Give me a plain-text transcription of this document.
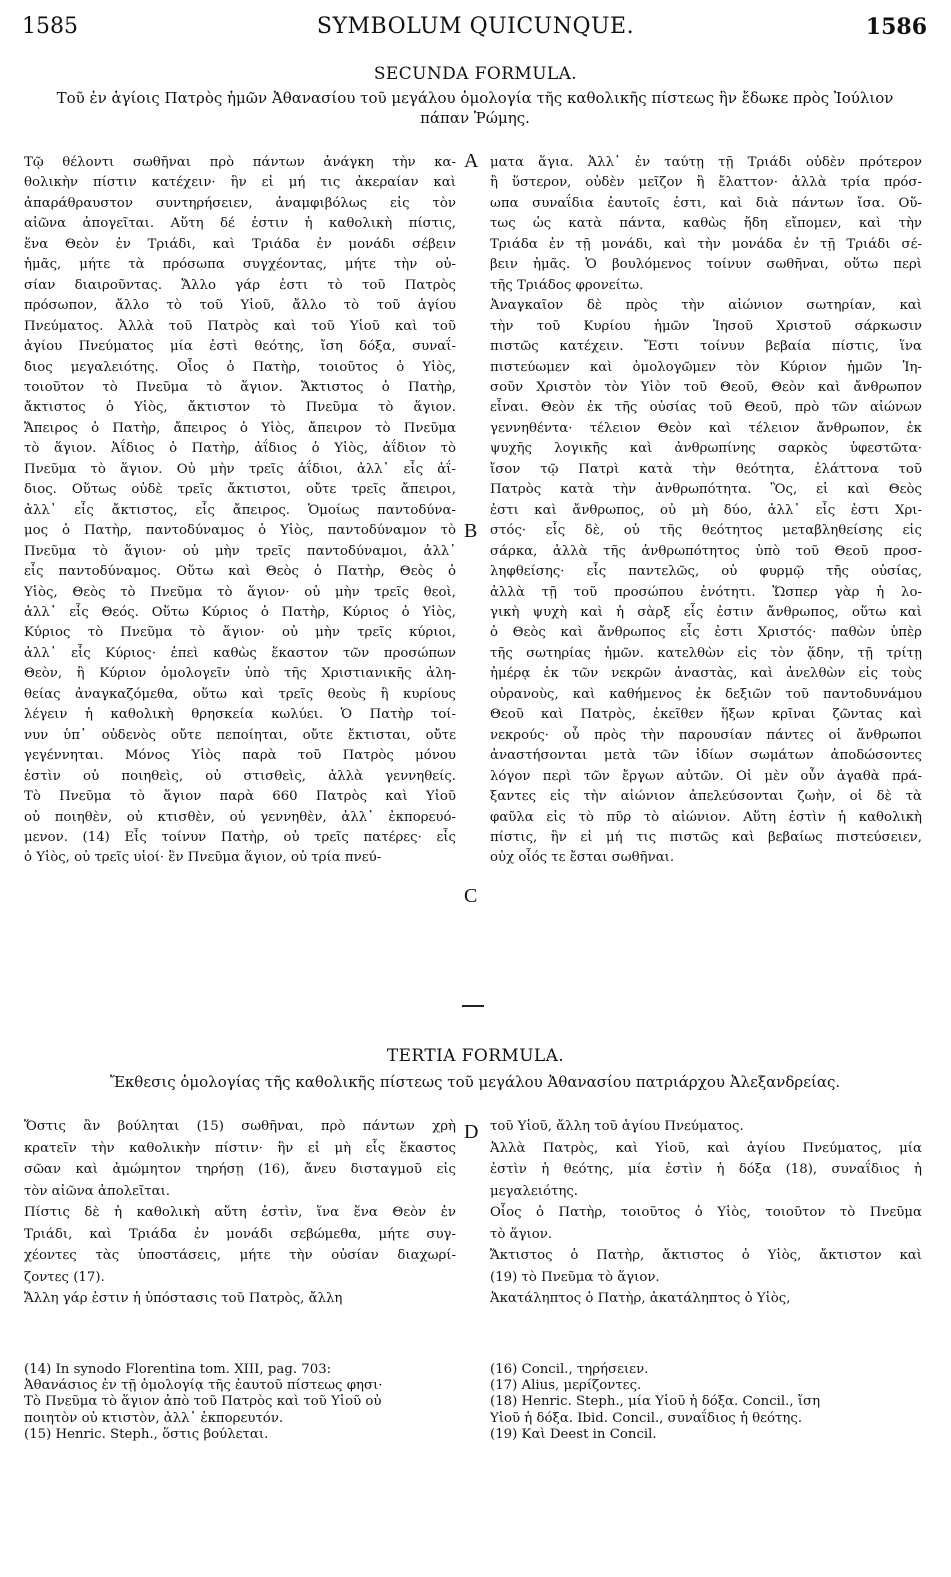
1585	SYMBOLUM QUICUNQUE.	1586
SECUNDA FORMULA.
Τοῦ ἐν ἁγίοις Πατρὸς ἡμῶν Ἀθανασίου τοῦ μεγάλου ὁμολογία τῆς καθολικῆς πίστεως ἣν ἔδωκε πρὸς Ἰούλιον
πάπαν Ῥώμης.
Τῷ θέλοντι σωθῆναι πρὸ πάντων ἀνάγκη τὴν κα-
θολικὴν πίστιν κατέχειν· ἣν εἰ μή τις ἀκεραίαν καὶ
ἀπαράθραυστον συντηρήσειεν, ἀναμφιβόλως εἰς τὸν
αἰῶνα ἀπογεῖται. Αὕτη δέ ἐστιν ἡ καθολικὴ πίστις,
ἕνα Θεὸν ἐν Τριάδι, καὶ Τριάδα ἐν μονάδι σέβειν
ἡμᾶς, μήτε τὰ πρόσωπα συγχέοντας, μήτε τὴν οὐ-
σίαν διαιροῦντας. Ἄλλο γάρ ἐστι τὸ τοῦ Πατρὸς
πρόσωπον, ἄλλο τὸ τοῦ Υἱοῦ, ἄλλο τὸ τοῦ ἁγίου
Πνεύματος. Ἀλλὰ τοῦ Πατρὸς καὶ τοῦ Υἱοῦ καὶ τοῦ
ἁγίου Πνεύματος μία ἐστὶ θεότης, ἴση δόξα, συναΐ-
διος μεγαλειότης. Οἷος ὁ Πατὴρ, τοιοῦτος ὁ Υἱὸς,
τοιοῦτον τὸ Πνεῦμα τὸ ἅγιον. Ἄκτιστος ὁ Πατὴρ,
ἄκτιστος ὁ Υἱὸς, ἄκτιστον τὸ Πνεῦμα τὸ ἅγιον.
Ἄπειρος ὁ Πατὴρ, ἄπειρος ὁ Υἱὸς, ἄπειρον τὸ Πνεῦμα
τὸ ἅγιον. Ἀΐδιος ὁ Πατὴρ, ἀΐδιος ὁ Υἱὸς, ἀΐδιον τὸ
Πνεῦμα τὸ ἅγιον. Οὐ μὴν τρεῖς ἀΐδιοι, ἀλλ᾽ εἷς ἀΐ-
διος. Οὕτως οὐδὲ τρεῖς ἄκτιστοι, οὔτε τρεῖς ἄπειροι,
ἀλλ᾽ εἷς ἄκτιστος, εἷς ἄπειρος. Ὁμοίως παντοδύνα-
μος ὁ Πατὴρ, παντοδύναμος ὁ Υἱὸς, παντοδύναμον τὸ
Πνεῦμα τὸ ἅγιον· οὐ μὴν τρεῖς παντοδύναμοι, ἀλλ᾽
εἷς παντοδύναμος. Οὕτω καὶ Θεὸς ὁ Πατὴρ, Θεὸς ὁ
Υἱὸς, Θεὸς τὸ Πνεῦμα τὸ ἅγιον· οὐ μὴν τρεῖς θεοὶ,
ἀλλ᾽ εἷς Θεός. Οὕτω Κύριος ὁ Πατὴρ, Κύριος ὁ Υἱὸς,
Κύριος τὸ Πνεῦμα τὸ ἅγιον· οὐ μὴν τρεῖς κύριοι,
ἀλλ᾽ εἷς Κύριος· ἐπεὶ καθὼς ἕκαστον τῶν προσώπων
Θεὸν, ἢ Κύριον ὁμολογεῖν ὑπὸ τῆς Χριστιανικῆς ἀλη-
θείας ἀναγκαζόμεθα, οὕτω καὶ τρεῖς θεοὺς ἢ κυρίους
λέγειν ἡ καθολικὴ θρησκεία κωλύει. Ὁ Πατὴρ τοί-
νυν ὑπ᾽ οὐδενὸς οὔτε πεποίηται, οὔτε ἔκτισται, οὔτε
γεγέννηται. Μόνος Υἱὸς παρὰ τοῦ Πατρὸς μόνου
ἐστὶν οὐ ποιηθεὶς, οὐ στισθεὶς, ἀλλὰ γεννηθείς.
Τὸ Πνεῦμα τὸ ἅγιον παρὰ 660 Πατρὸς καὶ Υἱοῦ
οὐ ποιηθὲν, οὐ κτισθὲν, οὐ γεννηθὲν, ἀλλ᾽ ἐκπορευό-
μενον. (14) Εἷς τοίνυν Πατὴρ, οὐ τρεῖς πατέρες· εἷς
ὁ Υἱὸς, οὐ τρεῖς υἱοί· ἓν Πνεῦμα ἅγιον, οὐ τρία πνεύ-
ματα ἅγια. Ἀλλ᾽ ἐν ταύτῃ τῇ Τριάδι οὐδὲν πρότερον
ἢ ὕστερον, οὐδὲν μεῖζον ἢ ἔλαττον· ἀλλὰ τρία πρόσ-
ωπα συναΐδια ἑαυτοῖς ἐστι, καὶ διὰ πάντων ἴσα. Οὕ-
τως ὡς κατὰ πάντα, καθὼς ἤδη εἴπομεν, καὶ τὴν
Τριάδα ἐν τῇ μονάδι, καὶ τὴν μονάδα ἐν τῇ Τριάδι σέ-
βειν ἡμᾶς. Ὁ βουλόμενος τοίνυν σωθῆναι, οὕτω περὶ
τῆς Τριάδος φρονείτω.
Ἀναγκαῖον δὲ πρὸς τὴν αἰώνιον σωτηρίαν, καὶ
τὴν τοῦ Κυρίου ἡμῶν Ἰησοῦ Χριστοῦ σάρκωσιν
πιστῶς κατέχειν. Ἔστι τοίνυν βεβαία πίστις, ἵνα
πιστεύωμεν καὶ ὁμολογῶμεν τὸν Κύριον ἡμῶν Ἰη-
σοῦν Χριστὸν τὸν Υἱὸν τοῦ Θεοῦ, Θεὸν καὶ ἄνθρωπον
εἶναι. Θεὸν ἐκ τῆς οὐσίας τοῦ Θεοῦ, πρὸ τῶν αἰώνων
γεννηθέντα· τέλειον Θεὸν καὶ τέλειον ἄνθρωπον, ἐκ
ψυχῆς λογικῆς καὶ ἀνθρωπίνης σαρκὸς ὑφεστῶτα·
ἴσον τῷ Πατρὶ κατὰ τὴν θεότητα, ἐλάττονα τοῦ
Πατρὸς κατὰ τὴν ἀνθρωπότητα. Ὃς, εἰ καὶ Θεὸς
ἐστι καὶ ἄνθρωπος, οὐ μὴ δύο, ἀλλ᾽ εἷς ἐστι Χρι-
στός· εἷς δὲ, οὐ τῆς θεότητος μεταβληθείσης εἰς
σάρκα, ἀλλὰ τῆς ἀνθρωπότητος ὑπὸ τοῦ Θεοῦ προσ-
ληφθείσης· εἷς παντελῶς, οὐ φυρμῷ τῆς οὐσίας,
ἀλλὰ τῇ τοῦ προσώπου ἑνότητι. Ὥσπερ γὰρ ἡ λο-
γικὴ ψυχὴ καὶ ἡ σὰρξ εἷς ἐστιν ἄνθρωπος, οὕτω καὶ
ὁ Θεὸς καὶ ἄνθρωπος εἷς ἐστι Χριστός· παθὼν ὑπὲρ
τῆς σωτηρίας ἡμῶν. κατελθὼν εἰς τὸν ᾅδην, τῇ τρίτῃ
ἡμέρᾳ ἐκ τῶν νεκρῶν ἀναστὰς, καὶ ἀνελθὼν εἰς τοὺς
οὐρανοὺς, καὶ καθήμενος ἐκ δεξιῶν τοῦ παντοδυνάμου
Θεοῦ καὶ Πατρὸς, ἐκεῖθεν ἥξων κρῖναι ζῶντας καὶ
νεκρούς· οὗ πρὸς τὴν παρουσίαν πάντες οἱ ἄνθρωποι
ἀναστήσονται μετὰ τῶν ἰδίων σωμάτων ἀποδώσοντες
λόγον περὶ τῶν ἔργων αὐτῶν. Οἱ μὲν οὖν ἀγαθὰ πρά-
ξαντες εἰς τὴν αἰώνιον ἀπελεύσονται ζωὴν, οἱ δὲ τὰ
φαῦλα εἰς τὸ πῦρ τὸ αἰώνιον. Αὕτη ἐστὶν ἡ καθολικὴ
πίστις, ἣν εἰ μή τις πιστῶς καὶ βεβαίως πιστεύσειεν,
οὐχ οἷός τε ἔσται σωθῆναι.
A
B
C
D
TERTIA FORMULA.
Ἔκθεσις ὁμολογίας τῆς καθολικῆς πίστεως τοῦ μεγάλου Ἀθανασίου πατριάρχου Ἀλεξανδρείας.
Ὅστις ἂν βούληται (15) σωθῆναι, πρὸ πάντων χρὴ
κρατεῖν τὴν καθολικὴν πίστιν· ἣν εἰ μὴ εἷς ἕκαστος
σῶαν καὶ ἀμώμητον τηρήσῃ (16), ἄνευ δισταγμοῦ εἰς
τὸν αἰῶνα ἀπολεῖται.
Πίστις δὲ ἡ καθολικὴ αὕτη ἐστὶν, ἵνα ἕνα Θεὸν ἐν
Τριάδι, καὶ Τριάδα ἐν μονάδι σεβώμεθα, μήτε συγ-
χέοντες τὰς ὑποστάσεις, μήτε τὴν οὐσίαν διαχωρί-
ζοντες (17).
Ἄλλη γάρ ἐστιν ἡ ὑπόστασις τοῦ Πατρὸς, ἄλλη
τοῦ Υἱοῦ, ἄλλη τοῦ ἁγίου Πνεύματος.
Ἀλλὰ Πατρὸς, καὶ Υἱοῦ, καὶ ἁγίου Πνεύματος, μία
ἐστὶν ἡ θεότης, μία ἐστὶν ἡ δόξα (18), συναΐδιος ἡ
μεγαλειότης.
Οἷος ὁ Πατὴρ, τοιοῦτος ὁ Υἱὸς, τοιοῦτον τὸ Πνεῦμα
τὸ ἅγιον.
Ἄκτιστος ὁ Πατὴρ, ἄκτιστος ὁ Υἱὸς, ἄκτιστον καὶ
(19) τὸ Πνεῦμα τὸ ἅγιον.
Ἀκατάληπτος ὁ Πατὴρ, ἀκατάληπτος ὁ Υἱὸς,
(14) In synodo Florentina tom. XIII, pag. 703:
Ἀθανάσιος ἐν τῇ ὁμολογίᾳ τῆς ἑαυτοῦ πίστεως φησι·
Τὸ Πνεῦμα τὸ ἅγιον ἀπὸ τοῦ Πατρὸς καὶ τοῦ Υἱοῦ οὐ
ποιητὸν οὐ κτιστὸν, ἀλλ᾽ ἐκπορευτόν.
(15) Henric. Steph., ὅστις βούλεται.
(16) Concil., τηρήσειεν.
(17) Alius, μερίζοντες.
(18) Henric. Steph., μία Υἱοῦ ἡ δόξα. Concil., ἴση
Υἱοῦ ἡ δόξα. Ibid. Concil., συναΐδιος ἡ θεότης.
(19) Καὶ Deest in Concil.
